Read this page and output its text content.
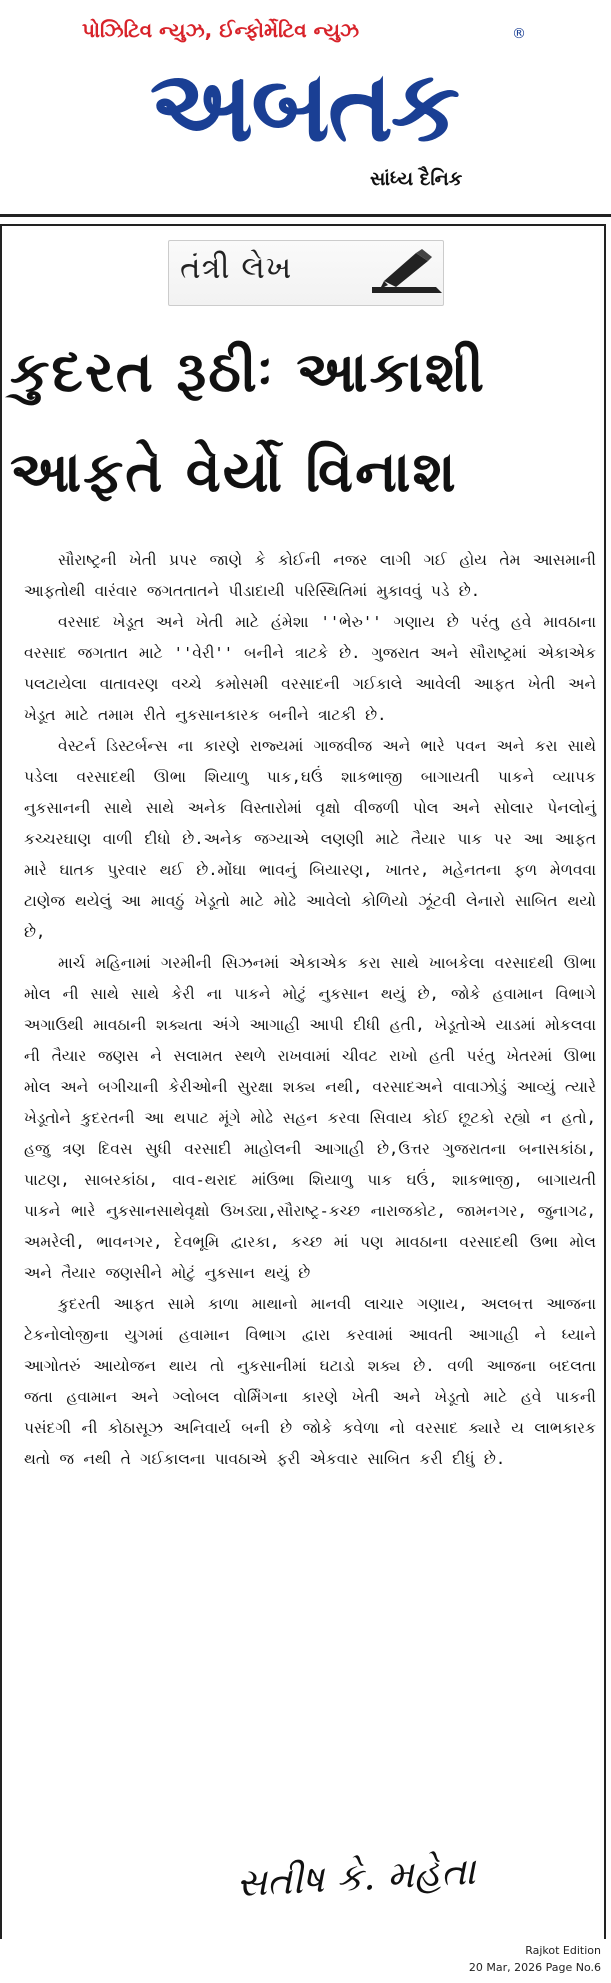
પોઝિટિવ ન્યુઝ, ઈન્ફોર્મેટિવ ન્યુઝ	®
અબતક
સાંધ્ય દૈનિક
તંત્રી લેખ
કુદરત રૂઠીઃ આકાશી
આફતે વેર્યો વિનાશ

સૌરાષ્ટ્રની ખેતી પ્રપર જાણે કે કોઈની નજર લાગી ગઈ હોય તેમ આસમાની આફતોથી વારંવાર જગતતાતને પીડાદાયી પરિસ્થિતિમાં મુકાવવું પડે છે.

વરસાદ ખેડૂત અને ખેતી માટે હંમેશા ''ભેરુ'' ગણાય છે પરંતુ હવે માવઠાના વરસાદ જગતાત માટે ''વેરી'' બનીને ત્રાટકે છે. ગુજરાત અને સૌરાષ્ટ્રમાં એકાએક પલટાયેલા વાતાવરણ વચ્ચે કમોસમી વરસાદની ગઈકાલે આવેલી આફત ખેતી અને ખેડૂત માટે તમામ રીતે નુકસાનકારક બનીને ત્રાટકી છે.

વેસ્ટર્ન ડિસ્ટર્બન્સ ના કારણે રાજ્યમાં ગાજવીજ અને ભારે પવન અને કરા સાથે પડેલા વરસાદથી ઊભા શિયાળુ પાક,ઘઉં શાકભાજી બાગાયતી પાકને વ્યાપક નુકસાનની સાથે સાથે અનેક વિસ્તારોમાં વૃક્ષો વીજળી પોલ અને સોલાર પેનલોનું કચ્ચરઘાણ વાળી દીધો છે.અનેક જગ્યાએ લણણી માટે તૈયાર પાક પર આ આફત મારે ઘાતક પુરવાર થઈ છે.મોંઘા ભાવનું બિયારણ, ખાતર, મહેનતના ફળ મેળવવા ટાણેજ થયેલું આ માવઠું ખેડૂતો માટે મોઢે આવેલો કોળિયો ઝૂંટવી લેનારો સાબિત થયો છે,

માર્ચ મહિનામાં ગરમીની સિઝનમાં એકાએક કરા સાથે ખાબકેલા વરસાદથી ઊભા મોલ ની સાથે સાથે કેરી ના પાકને મોટું નુકસાન થયું છે, જોકે હવામાન વિભાગે અગાઉથી માવઠાની શક્યતા અંગે આગાહી આપી દીધી હતી, ખેડૂતોએ યાડમાં મોકલવા ની તૈયાર જણસ ને સલામત સ્થળે રાખવામાં ચીવટ રાખો હતી પરંતુ ખેતરમાં ઊભા મોલ અને બગીચાની કેરીઓની સુરક્ષા શક્ય નથી, વરસાદઅને વાવાઝોડું આવ્યું ત્યારે ખેડૂતોને કુદરતની આ થપાટ મૂંગે મોઢે સહન કરવા સિવાય કોઈ છૂટકો રહ્યો ન હતો, હજુ ત્રણ દિવસ સુધી વરસાદી માહોલની આગાહી છે,ઉત્તર ગુજરાતના બનાસકાંઠા, પાટણ, સાબરકાંઠા, વાવ-થરાદ માંઉભા શિયાળુ પાક ઘઉં, શાકભાજી, બાગાયતી પાકને ભારે નુકસાનસાથેવૃક્ષો ઉખડ્યા,સૌરાષ્ટ્ર-કચ્છ નારાજકોટ, જામનગર, જુનાગઢ, અમરેલી, ભાવનગર, દેવભૂમિ દ્વારકા, કચ્છ માં પણ માવઠાના વરસાદથી ઉભા મોલ અને તૈયાર જણસીને મોટું નુકસાન થયું છે

કુદરતી આફત સામે કાળા માથાનો માનવી લાચાર ગણાય, અલબત્ત આજના ટેકનોલોજીના યુગમાં હવામાન વિભાગ દ્વારા કરવામાં આવતી આગાહી ને ધ્યાને આગોતરું આયોજન થાય તો નુકસાનીમાં ઘટાડો શક્ય છે. વળી આજના બદલતા જતા હવામાન અને ગ્લોબલ વોર્મિંગના કારણે ખેતી અને ખેડૂતો માટે હવે પાકની પસંદગી ની કોઠાસૂઝ અનિવાર્ય બની છે જોકે કવેળા નો વરસાદ ક્યારે ય લાભકારક થતો જ નથી તે ગઈકાલના પાવઠાએ ફરી એકવાર સાબિત કરી દીધું છે.

સતીષ કે. મહેતા
Rajkot Edition
20 Mar, 2026 Page No.6
